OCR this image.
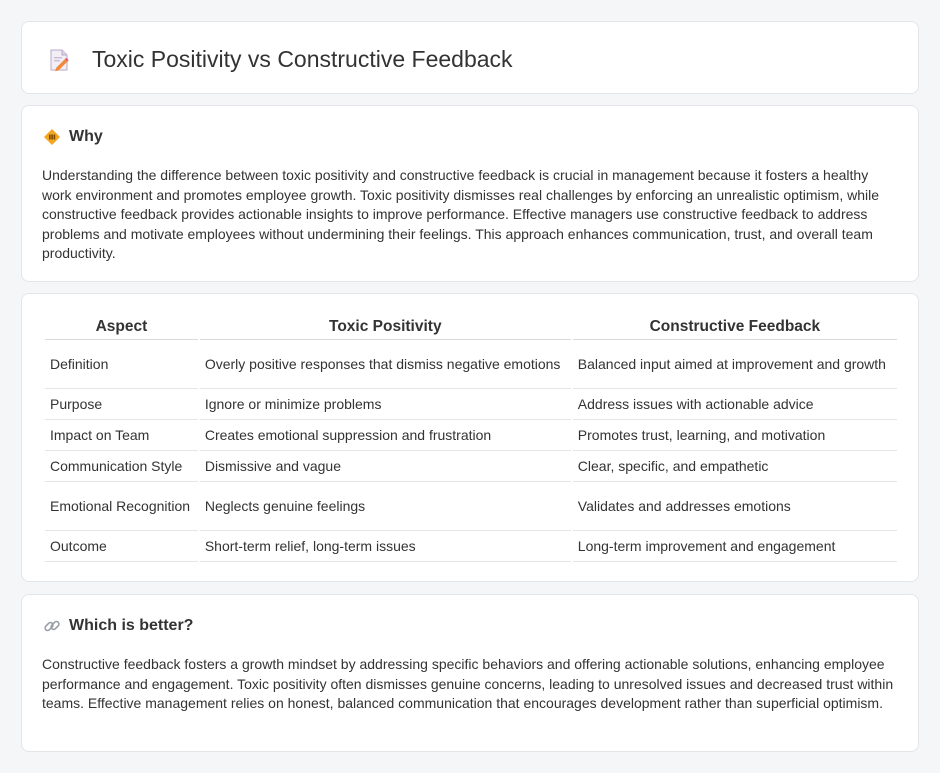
Toxic Positivity vs Constructive Feedback
Why

Understanding the difference between toxic positivity and constructive feedback is crucial in management because it fosters a healthy work environment and promotes employee growth. Toxic positivity dismisses real challenges by enforcing an unrealistic optimism, while constructive feedback provides actionable insights to improve performance. Effective managers use constructive feedback to address problems and motivate employees without undermining their feelings. This approach enhances communication, trust, and overall team productivity.

Aspect	Toxic Positivity	Constructive Feedback
Definition	Overly positive responses that dismiss negative emotions	Balanced input aimed at improvement and growth
Purpose	Ignore or minimize problems	Address issues with actionable advice
Impact on Team	Creates emotional suppression and frustration	Promotes trust, learning, and motivation
Communication Style	Dismissive and vague	Clear, specific, and empathetic
Emotional Recognition	Neglects genuine feelings	Validates and addresses emotions
Outcome	Short-term relief, long-term issues	Long-term improvement and engagement
Which is better?

Constructive feedback fosters a growth mindset by addressing specific behaviors and offering actionable solutions, enhancing employee performance and engagement. Toxic positivity often dismisses genuine concerns, leading to unresolved issues and decreased trust within teams. Effective management relies on honest, balanced communication that encourages development rather than superficial optimism.
